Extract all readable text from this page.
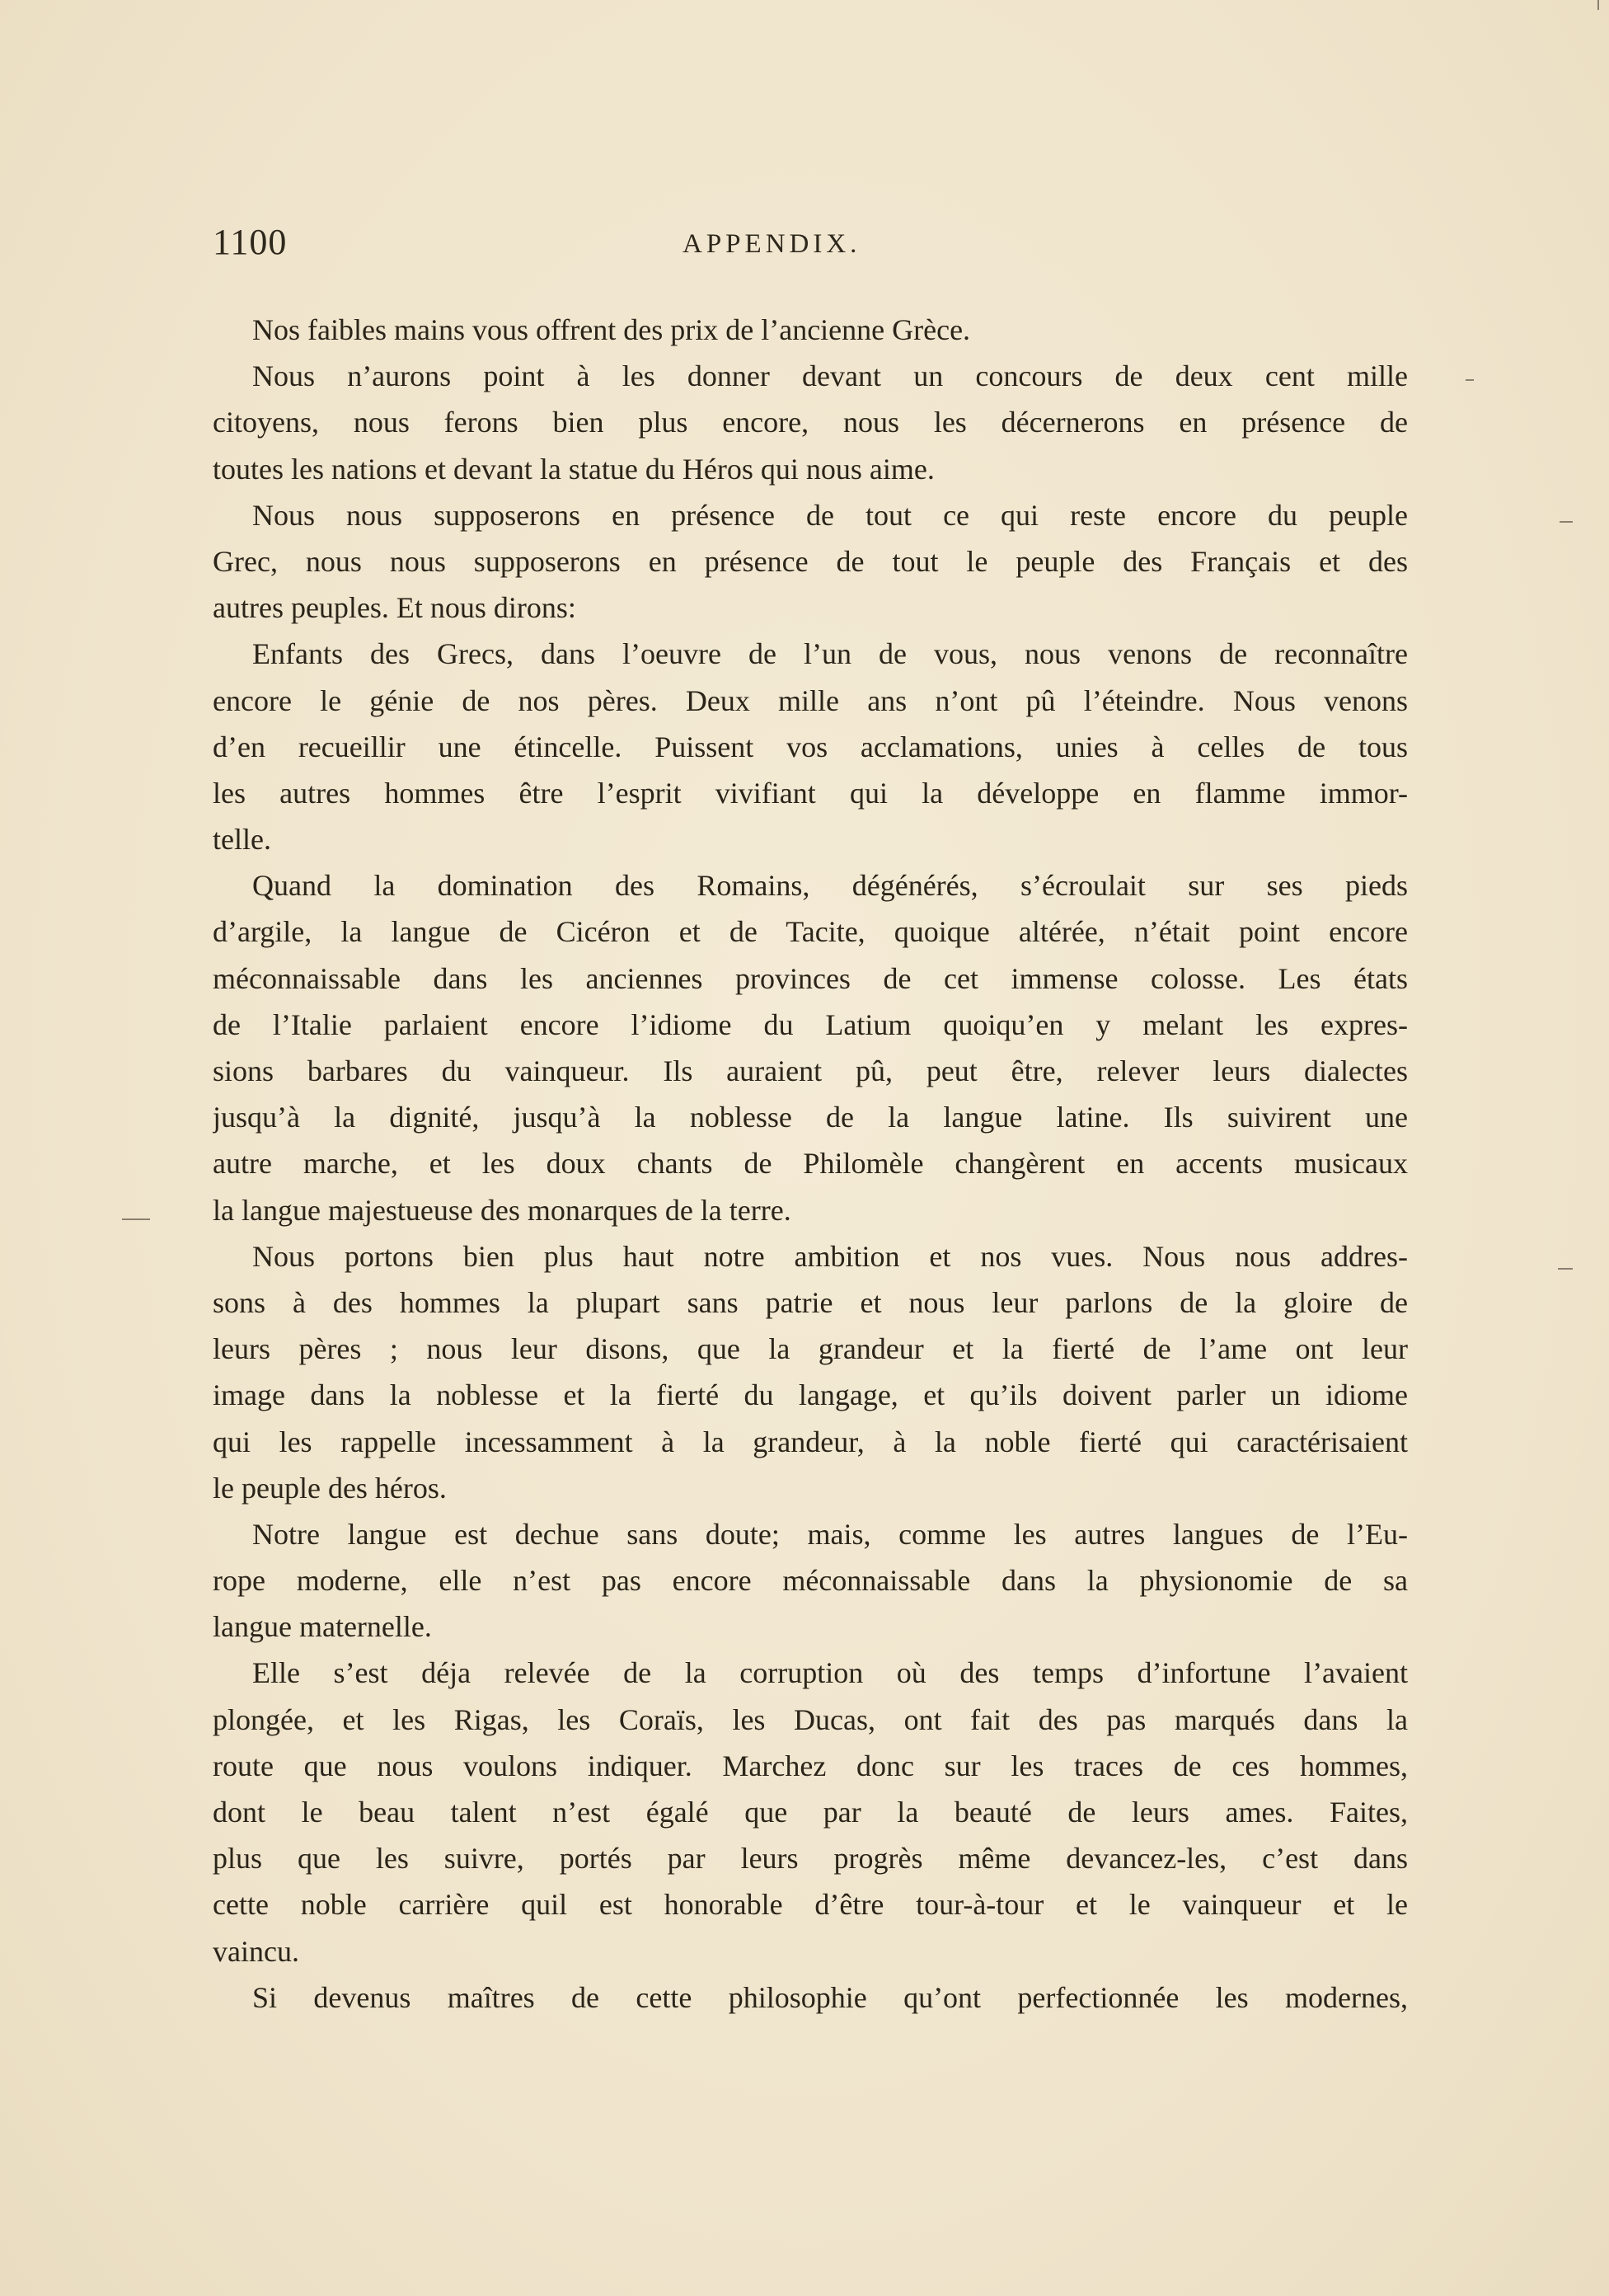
1100	APPENDIX.
Nos faibles mains vous offrent des prix de l’ancienne Grèce.
Nous n’aurons point à les donner devant un concours de deux cent mille
citoyens, nous ferons bien plus encore, nous les décernerons en présence de
toutes les nations et devant la statue du Héros qui nous aime.
Nous nous supposerons en présence de tout ce qui reste encore du peuple
Grec, nous nous supposerons en présence de tout le peuple des Français et des
autres peuples. Et nous dirons:
Enfants des Grecs, dans l’oeuvre de l’un de vous, nous venons de reconnaître
encore le génie de nos pères. Deux mille ans n’ont pû l’éteindre. Nous venons
d’en recueillir une étincelle. Puissent vos acclamations, unies à celles de tous
les autres hommes être l’esprit vivifiant qui la développe en flamme immor-
telle.
Quand la domination des Romains, dégénérés, s’écroulait sur ses pieds
d’argile, la langue de Cicéron et de Tacite, quoique altérée, n’était point encore
méconnaissable dans les anciennes provinces de cet immense colosse. Les états
de l’Italie parlaient encore l’idiome du Latium quoiqu’en y melant les expres-
sions barbares du vainqueur. Ils auraient pû, peut être, relever leurs dialectes
jusqu’à la dignité, jusqu’à la noblesse de la langue latine. Ils suivirent une
autre marche, et les doux chants de Philomèle changèrent en accents musicaux
la langue majestueuse des monarques de la terre.
Nous portons bien plus haut notre ambition et nos vues. Nous nous addres-
sons à des hommes la plupart sans patrie et nous leur parlons de la gloire de
leurs pères ; nous leur disons, que la grandeur et la fierté de l’ame ont leur
image dans la noblesse et la fierté du langage, et qu’ils doivent parler un idiome
qui les rappelle incessamment à la grandeur, à la noble fierté qui caractérisaient
le peuple des héros.
Notre langue est dechue sans doute; mais, comme les autres langues de l’Eu-
rope moderne, elle n’est pas encore méconnaissable dans la physionomie de sa
langue maternelle.
Elle s’est déja relevée de la corruption où des temps d’infortune l’avaient
plongée, et les Rigas, les Coraïs, les Ducas, ont fait des pas marqués dans la
route que nous voulons indiquer. Marchez donc sur les traces de ces hommes,
dont le beau talent n’est égalé que par la beauté de leurs ames. Faites,
plus que les suivre, portés par leurs progrès même devancez-les, c’est dans
cette noble carrière quil est honorable d’être tour-à-tour et le vainqueur et le
vaincu.
Si devenus maîtres de cette philosophie qu’ont perfectionnée les modernes,
